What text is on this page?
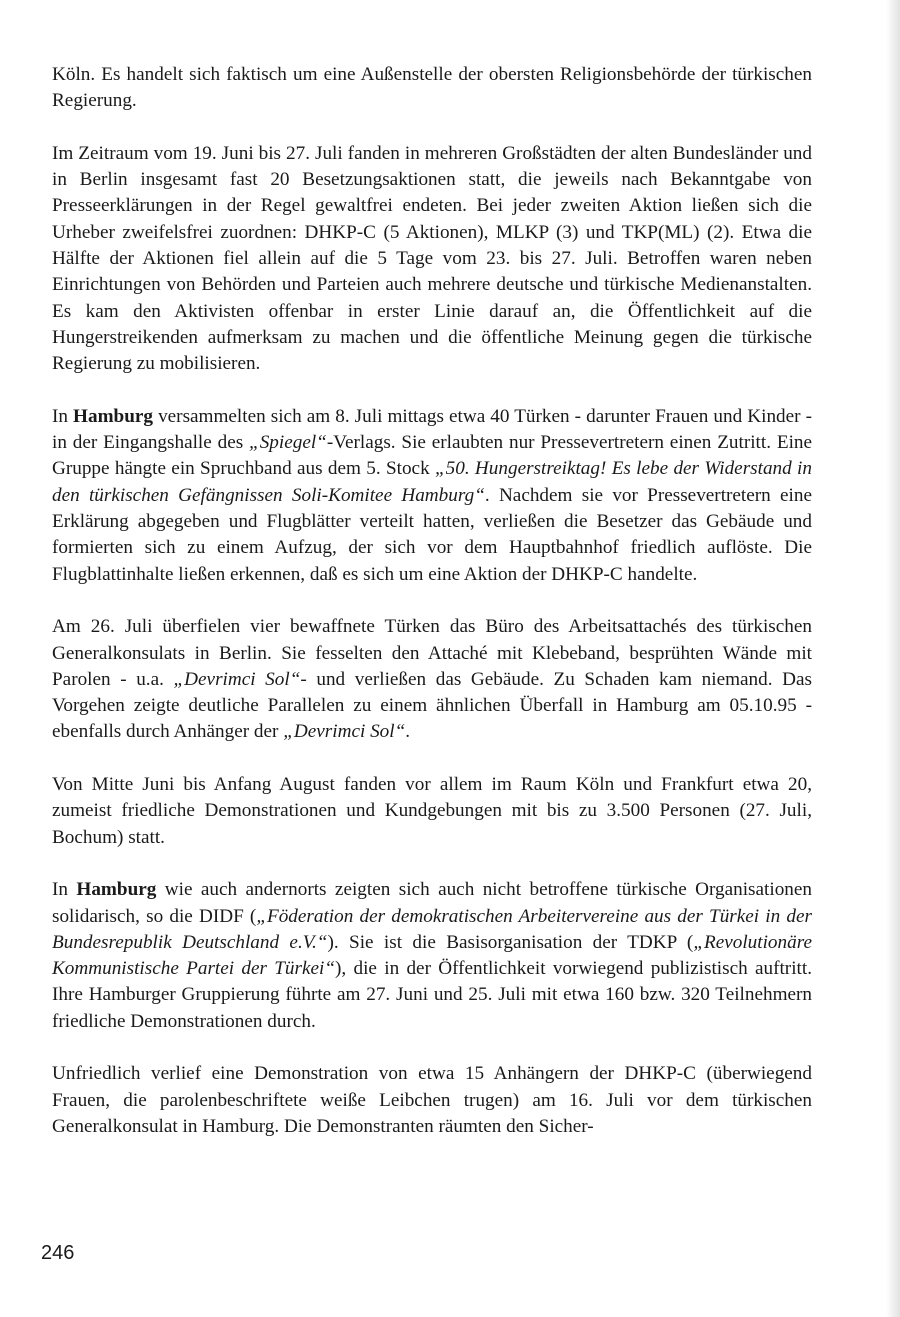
Köln. Es handelt sich faktisch um eine Außenstelle der obersten Religionsbehörde der türkischen Regierung.

Im Zeitraum vom 19. Juni bis 27. Juli fanden in mehreren Großstädten der alten Bundesländer und in Berlin insgesamt fast 20 Besetzungsaktionen statt, die jeweils nach Bekanntgabe von Presseerklärungen in der Regel gewaltfrei endeten. Bei jeder zweiten Aktion ließen sich die Urheber zweifelsfrei zuordnen: DHKP-C (5 Aktionen), MLKP (3) und TKP(ML) (2). Etwa die Hälfte der Aktionen fiel allein auf die 5 Tage vom 23. bis 27. Juli. Betroffen waren neben Einrichtungen von Behörden und Parteien auch mehrere deutsche und türkische Medienanstalten. Es kam den Aktivisten offenbar in erster Linie darauf an, die Öffentlichkeit auf die Hungerstreikenden aufmerksam zu machen und die öffentliche Meinung gegen die türkische Regierung zu mobilisieren.

In Hamburg versammelten sich am 8. Juli mittags etwa 40 Türken - darunter Frauen und Kinder - in der Eingangshalle des „Spiegel“-Verlags. Sie erlaubten nur Pressevertretern einen Zutritt. Eine Gruppe hängte ein Spruchband aus dem 5. Stock „50. Hungerstreiktag! Es lebe der Widerstand in den türkischen Gefängnissen Soli-Komitee Hamburg“. Nachdem sie vor Pressevertretern eine Erklärung abgegeben und Flugblätter verteilt hatten, verließen die Besetzer das Gebäude und formierten sich zu einem Aufzug, der sich vor dem Hauptbahnhof friedlich auflöste. Die Flugblattinhalte ließen erkennen, daß es sich um eine Aktion der DHKP-C handelte.

Am 26. Juli überfielen vier bewaffnete Türken das Büro des Arbeitsattachés des türkischen Generalkonsulats in Berlin. Sie fesselten den Attaché mit Klebeband, besprühten Wände mit Parolen - u.a. „Devrimci Sol“- und verließen das Gebäude. Zu Schaden kam niemand. Das Vorgehen zeigte deutliche Parallelen zu einem ähnlichen Überfall in Hamburg am 05.10.95 - ebenfalls durch Anhänger der „Devrimci Sol“.

Von Mitte Juni bis Anfang August fanden vor allem im Raum Köln und Frankfurt etwa 20, zumeist friedliche Demonstrationen und Kundgebungen mit bis zu 3.500 Personen (27. Juli, Bochum) statt.

In Hamburg wie auch andernorts zeigten sich auch nicht betroffene türkische Organisationen solidarisch, so die DIDF („Föderation der demokratischen Arbeitervereine aus der Türkei in der Bundesrepublik Deutschland e.V.“). Sie ist die Basisorganisation der TDKP („Revolutionäre Kommunistische Partei der Türkei“), die in der Öffentlichkeit vorwiegend publizistisch auftritt. Ihre Hamburger Gruppierung führte am 27. Juni und 25. Juli mit etwa 160 bzw. 320 Teilnehmern friedliche Demonstrationen durch.

Unfriedlich verlief eine Demonstration von etwa 15 Anhängern der DHKP-C (überwiegend Frauen, die parolenbeschriftete weiße Leibchen trugen) am 16. Juli vor dem türkischen Generalkonsulat in Hamburg. Die Demonstranten räumten den Sicher-

246
